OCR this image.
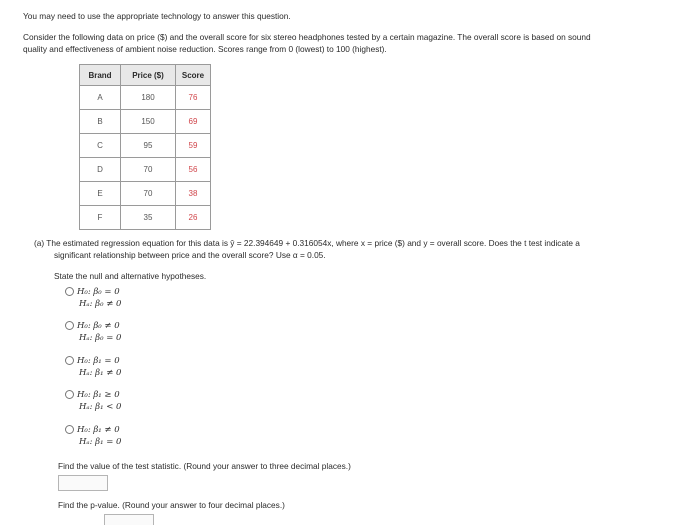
You may need to use the appropriate technology to answer this question.
Consider the following data on price ($) and the overall score for six stereo headphones tested by a certain magazine. The overall score is based on sound
quality and effectiveness of ambient noise reduction. Scores range from 0 (lowest) to 100 (highest).
Brand	Price ($)	Score
A	180	76
B	150	69
C	95	59
D	70	56
E	70	38
F	35	26
(a) The estimated regression equation for this data is ŷ = 22.394649 + 0.316054x, where x = price ($) and y = overall score. Does the t test indicate a
significant relationship between price and the overall score? Use α = 0.05.
State the null and alternative hypotheses.
H₀: β₀ = 0
Hₐ: β₀ ≠ 0
H₀: β₀ ≠ 0
Hₐ: β₀ = 0
H₀: β₁ = 0
Hₐ: β₁ ≠ 0
H₀: β₁ ≥ 0
Hₐ: β₁ < 0
H₀: β₁ ≠ 0
Hₐ: β₁ = 0
Find the value of the test statistic. (Round your answer to three decimal places.)
Find the p-value. (Round your answer to four decimal places.)
